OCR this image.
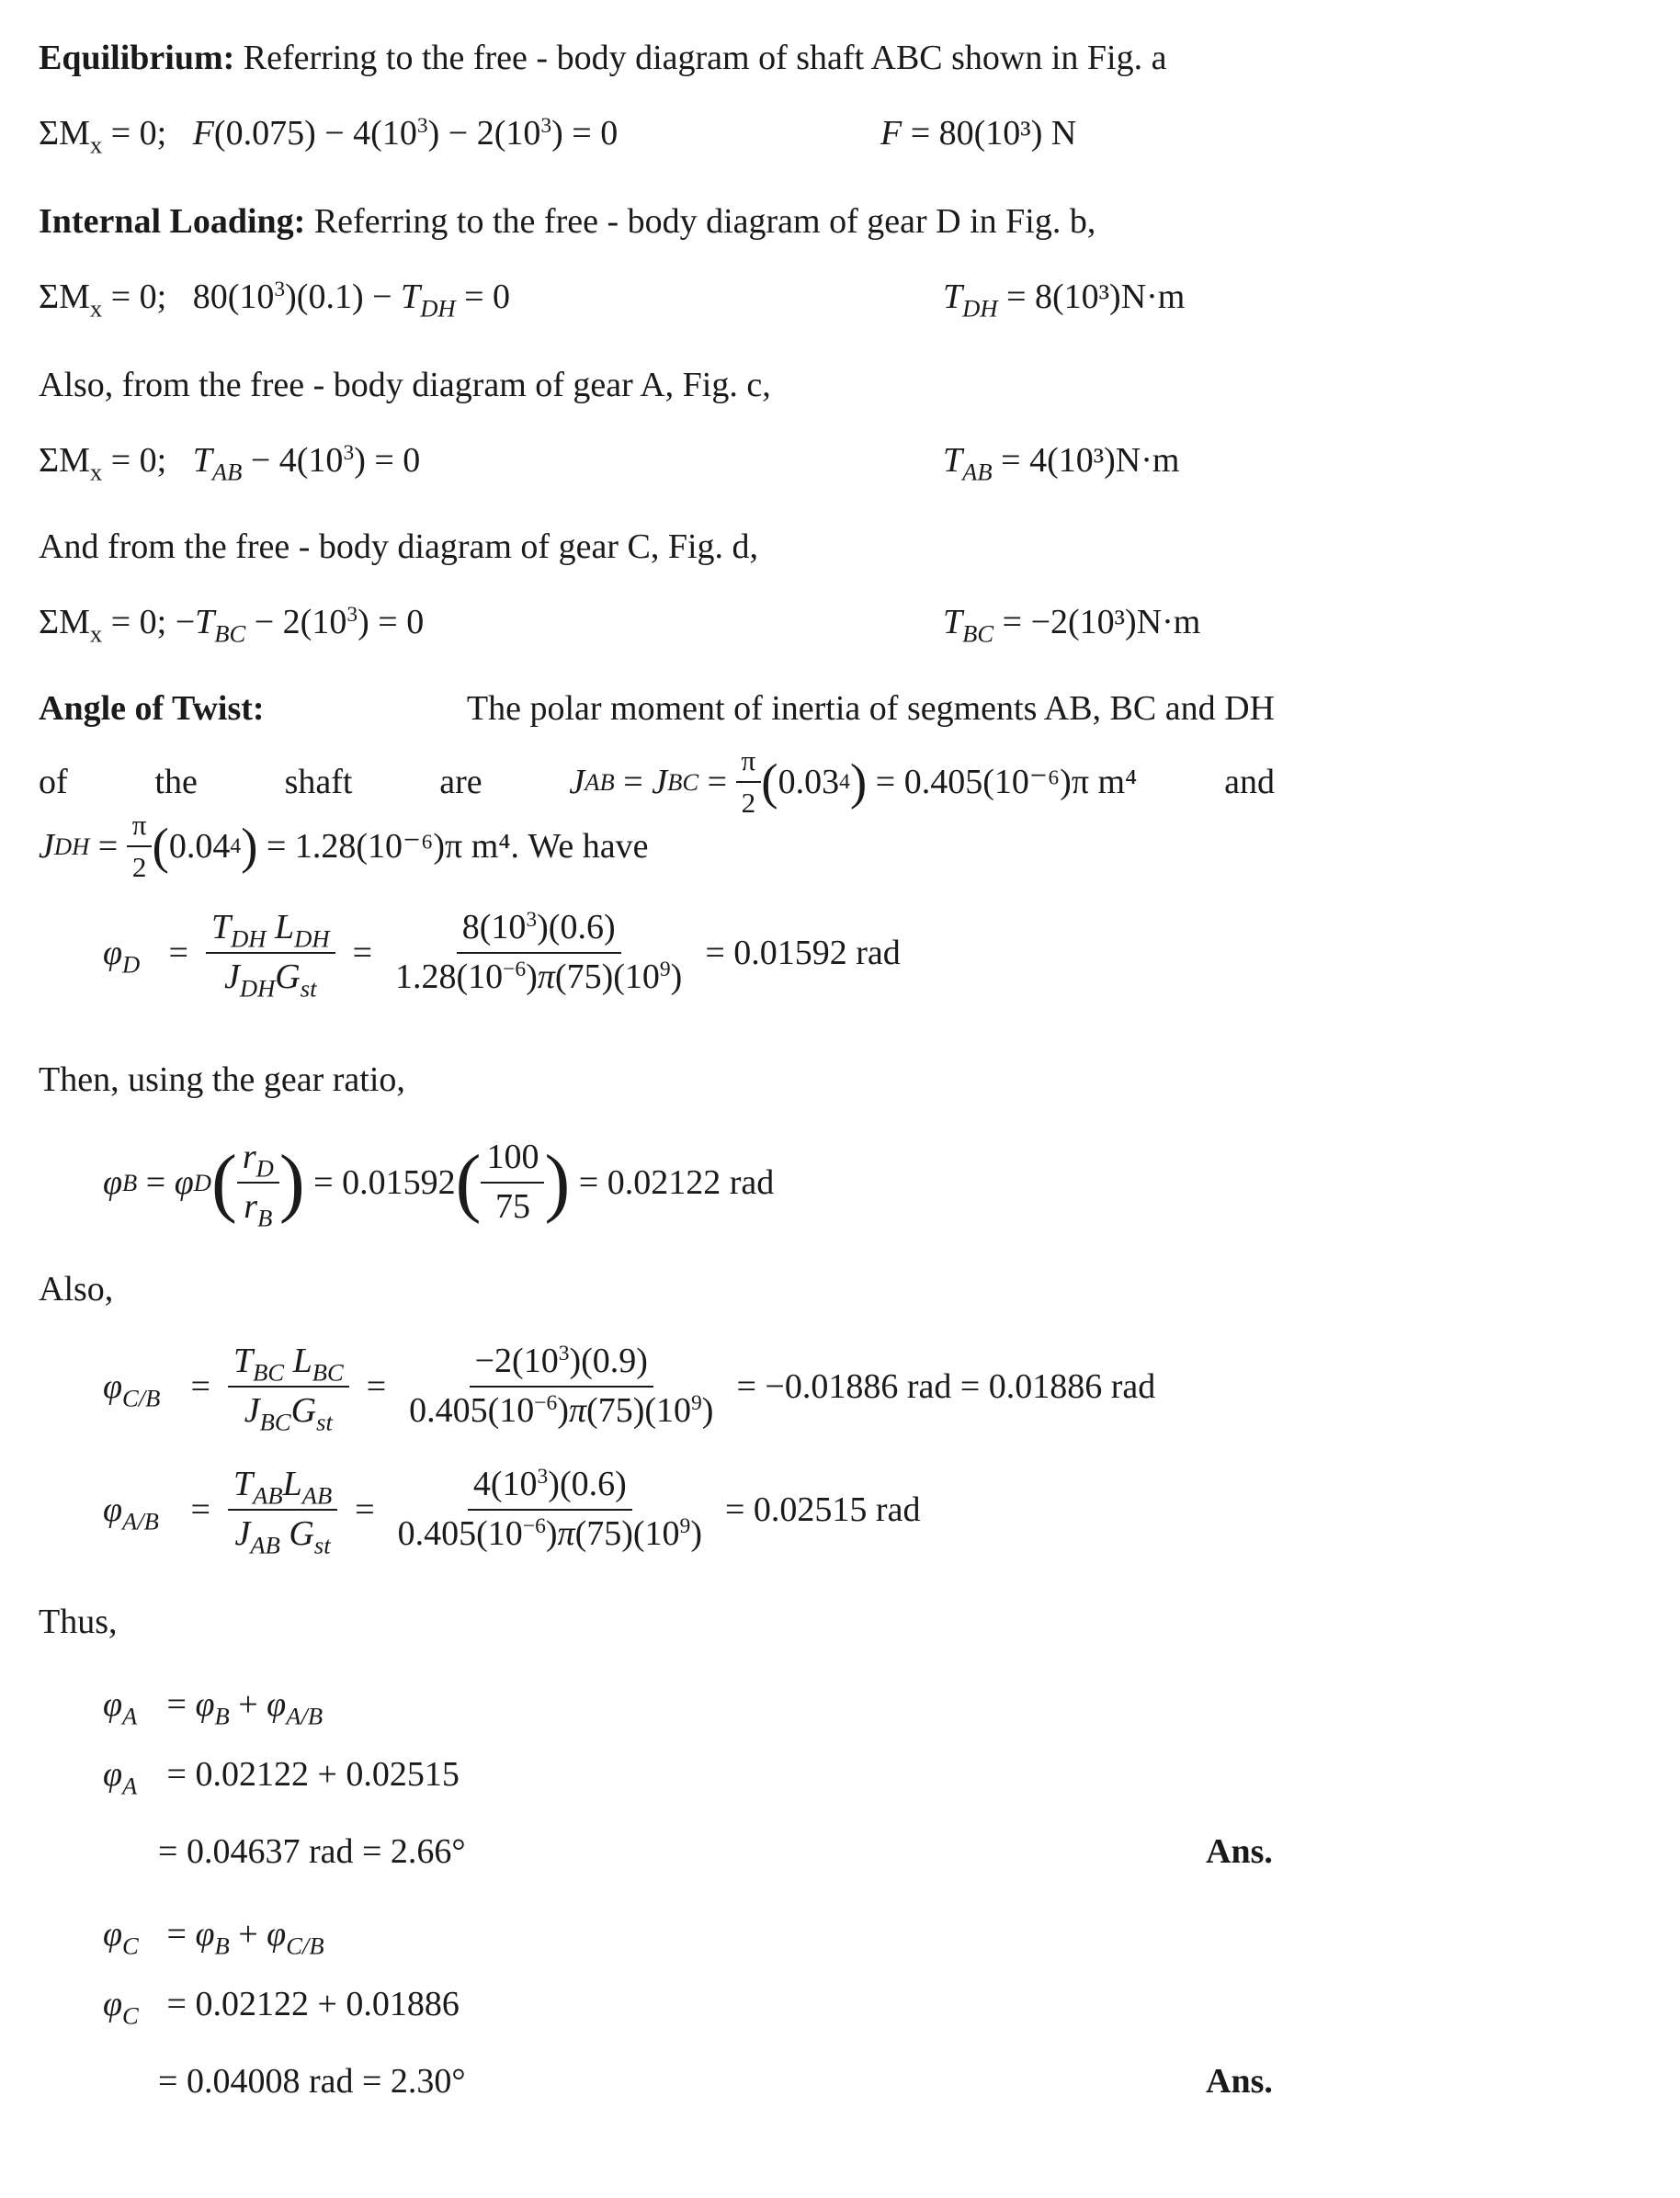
Equilibrium: Referring to the free - body diagram of shaft ABC shown in Fig. a
$\Sigma M_x = 0$;   $F(0.075) - 4(10^3) - 2(10^3) = 0$	F = 80(10³) N
Internal Loading: Referring to the free - body diagram of gear D in Fig. b,
$\Sigma M_x = 0$;   $80(10^3)(0.1) - T_{DH} = 0$	$T_{DH} = 8(10^3)N\cdot m$
Also, from the free - body diagram of gear A, Fig. c,
$\Sigma M_x = 0$;   $T_{AB} - 4(10^3) = 0$	$T_{AB} = 4(10^3)N\cdot m$
And from the free - body diagram of gear C, Fig. d,
$\Sigma M_x = 0$; $-T_{BC} - 2(10^3) = 0$	$T_{BC} = -2(10^3)N\cdot m$
Angle of Twist:	The polar moment of inertia of segments AB, BC and DH
of the shaft are J AB = J BC = $\frac{\pi}{2}$ ( 0.03 4 ) = 0.405(10⁻⁶)π m⁴ and
J DH = $\frac{\pi}{2}$ ( 0.04 4 ) = 1.28(10⁻⁶)π m⁴.
We have
$\varphi_D = \frac{T_{DH} L_{DH}}{J_{DH}G_{st}} = \frac{8(10^3)(0.6)}{1.28(10^{-6})\pi(75)(10^9)} = 0.01592$ rad
Then, using the gear ratio,
φ B = φ D ( $\frac{r_D}{r_B}$ ) = 0.01592 ( $\frac{100}{75}$ ) = 0.02122 rad
Also,
$\varphi_{C/B} = \frac{T_{BC} L_{BC}}{J_{BC}G_{st}} = \frac{-2(10^3)(0.9)}{0.405(10^{-6})\pi(75)(10^9)} = -0.01886$ rad = 0.01886 rad
$\varphi_{A/B} = \frac{T_{AB}L_{AB}}{J_{AB} G_{st}} = \frac{4(10^3)(0.6)}{0.405(10^{-6})\pi(75)(10^9)} = 0.02515$ rad
Thus,
$\varphi_A = \varphi_B + \varphi_{A/B}$
$\varphi_A = 0.02122 + 0.02515$
= 0.04637 rad = 2.66°	Ans.
$\varphi_C = \varphi_B + \varphi_{C/B}$
$\varphi_C = 0.02122 + 0.01886$
= 0.04008 rad = 2.30°	Ans.
